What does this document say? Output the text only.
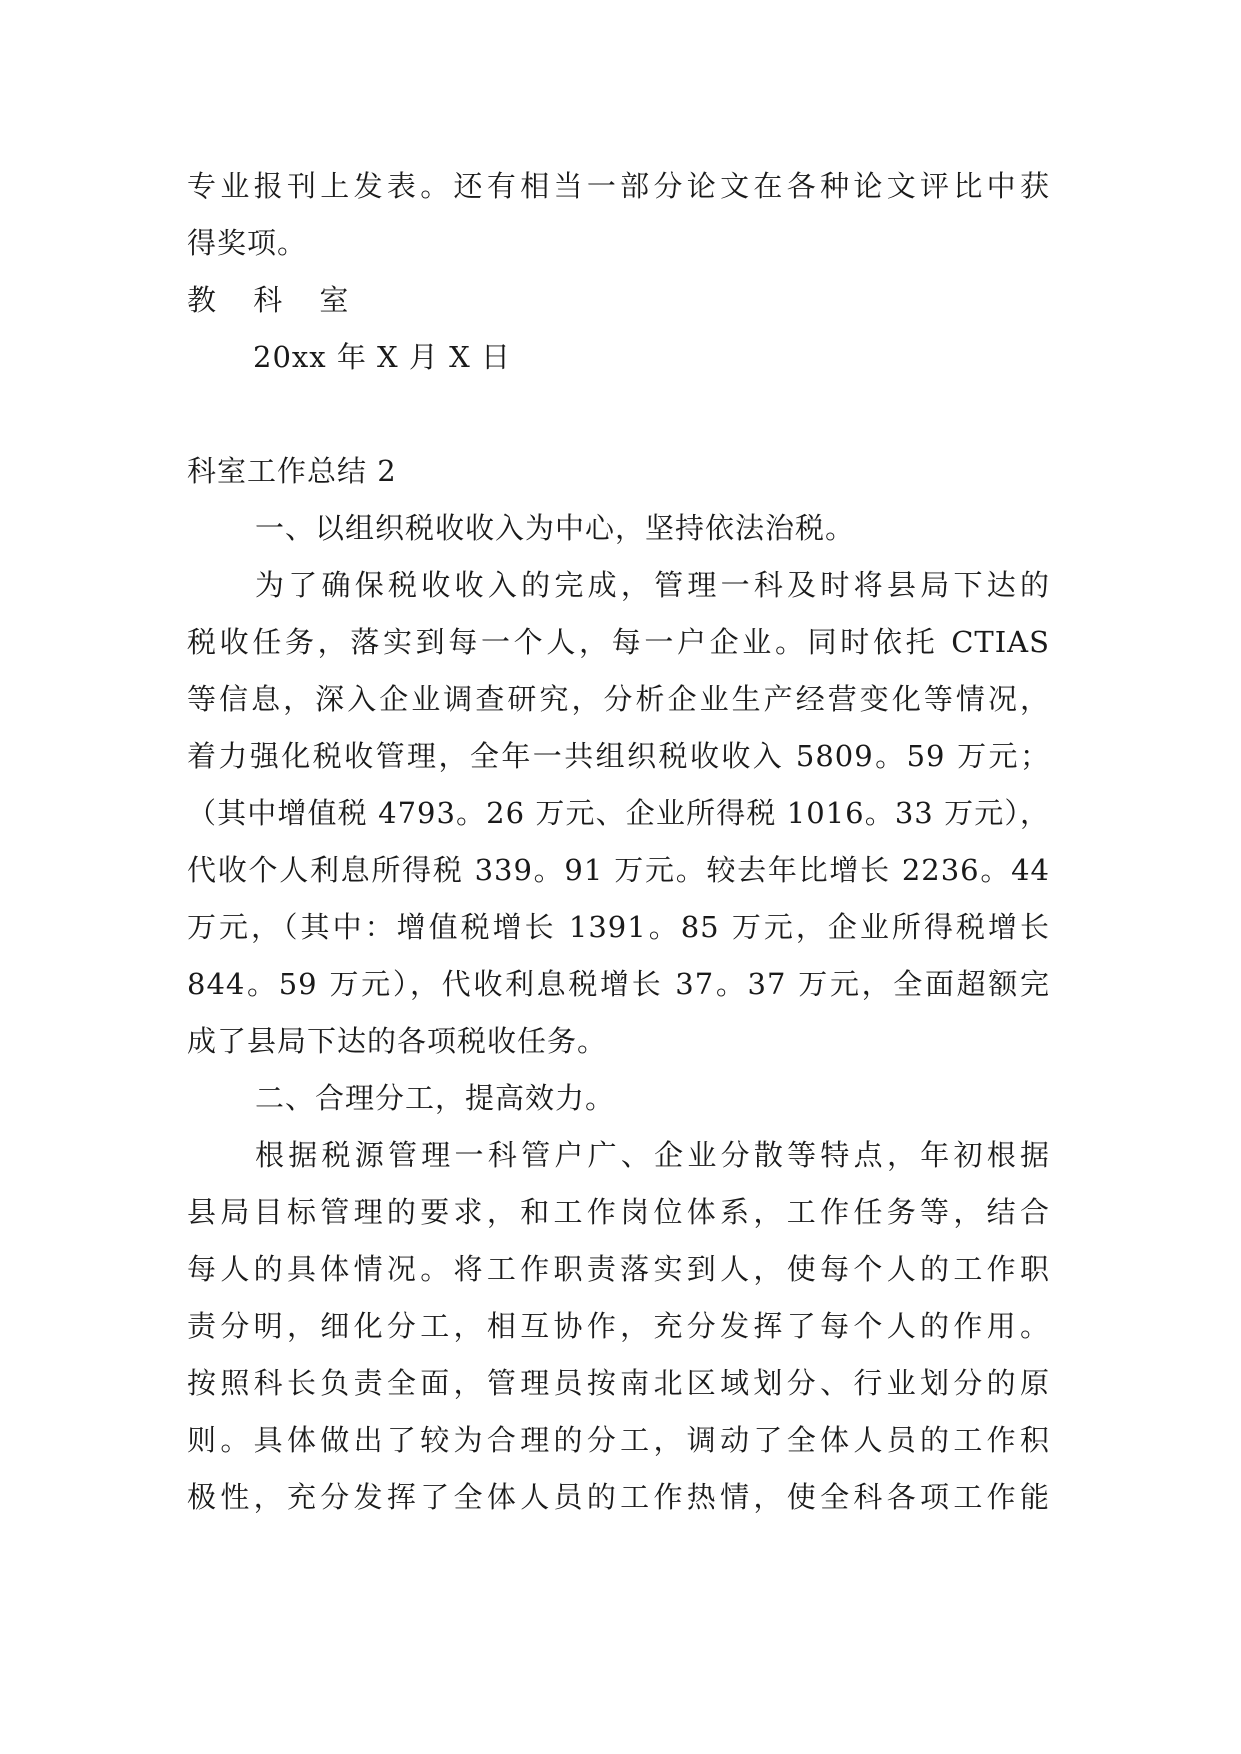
专业报刊上发表。还有相当一部分论文在各种论文评比中获
得奖项。
教 科 室
20xx 年 X 月 X 日
科室工作总结 2
一、以组织税收收入为中心，坚持依法治税。
为了确保税收收入的完成，管理一科及时将县局下达的
税收任务，落实到每一个人，每一户企业。同时依托 CTIAS
等信息，深入企业调查研究，分析企业生产经营变化等情况，
着力强化税收管理，全年一共组织税收收入 5809。59 万元；
（其中增值税 4793。26 万元、企业所得税 1016。33 万元），
代收个人利息所得税 339。91 万元。较去年比增长 2236。44
万元，（其中：增值税增长 1391。85 万元，企业所得税增长
844。59 万元），代收利息税增长 37。37 万元，全面超额完
成了县局下达的各项税收任务。
二、合理分工，提高效力。
根据税源管理一科管户广、企业分散等特点，年初根据
县局目标管理的要求，和工作岗位体系，工作任务等，结合
每人的具体情况。将工作职责落实到人，使每个人的工作职
责分明，细化分工，相互协作，充分发挥了每个人的作用。
按照科长负责全面，管理员按南北区域划分、行业划分的原
则。具体做出了较为合理的分工，调动了全体人员的工作积
极性，充分发挥了全体人员的工作热情，使全科各项工作能
